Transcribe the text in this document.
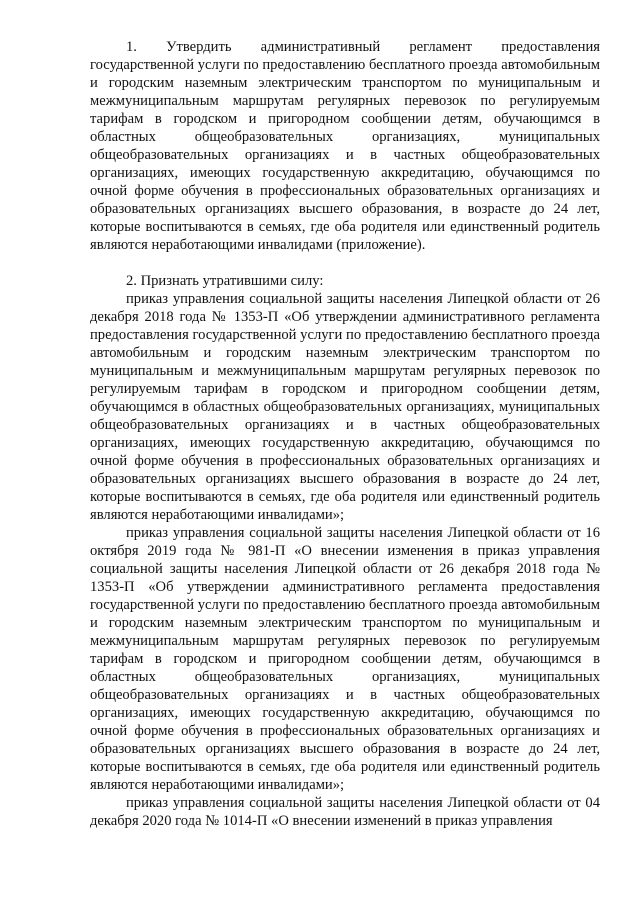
1. Утвердить административный регламент предоставления государственной услуги по предоставлению бесплатного проезда автомобильным и городским наземным электрическим транспортом по муниципальным и межмуниципальным маршрутам регулярных перевозок по регулируемым тарифам в городском и пригородном сообщении детям, обучающимся в областных общеобразовательных организациях, муниципальных общеобразовательных организациях и в частных общеобразовательных организациях, имеющих государственную аккредитацию, обучающимся по очной форме обучения в профессиональных образовательных организациях и образовательных организациях высшего образования, в возрасте до 24 лет, которые воспитываются в семьях, где оба родителя или единственный родитель являются неработающими инвалидами (приложение).

2. Признать утратившими силу:

приказ управления социальной защиты населения Липецкой области от 26 декабря 2018 года № 1353-П «Об утверждении административного регламента предоставления государственной услуги по предоставлению бесплатного проезда автомобильным и городским наземным электрическим транспортом по муниципальным и межмуниципальным маршрутам регулярных перевозок по регулируемым тарифам в городском и пригородном сообщении детям, обучающимся в областных общеобразовательных организациях, муниципальных общеобразовательных организациях и в частных общеобразовательных организациях, имеющих государственную аккредитацию, обучающимся по очной форме обучения в профессиональных образовательных организациях и образовательных организациях высшего образования в возрасте до 24 лет, которые воспитываются в семьях, где оба родителя или единственный родитель являются неработающими инвалидами»;

приказ управления социальной защиты населения Липецкой области от 16 октября 2019 года № 981-П «О внесении изменения в приказ управления социальной защиты населения Липецкой области от 26 декабря 2018 года № 1353-П «Об утверждении административного регламента предоставления государственной услуги по предоставлению бесплатного проезда автомобильным и городским наземным электрическим транспортом по муниципальным и межмуниципальным маршрутам регулярных перевозок по регулируемым тарифам в городском и пригородном сообщении детям, обучающимся в областных общеобразовательных организациях, муниципальных общеобразовательных организациях и в частных общеобразовательных организациях, имеющих государственную аккредитацию, обучающимся по очной форме обучения в профессиональных образовательных организациях и образовательных организациях высшего образования в возрасте до 24 лет, которые воспитываются в семьях, где оба родителя или единственный родитель являются неработающими инвалидами»;

приказ управления социальной защиты населения Липецкой области от 04 декабря 2020 года № 1014-П «О внесении изменений в приказ управления
